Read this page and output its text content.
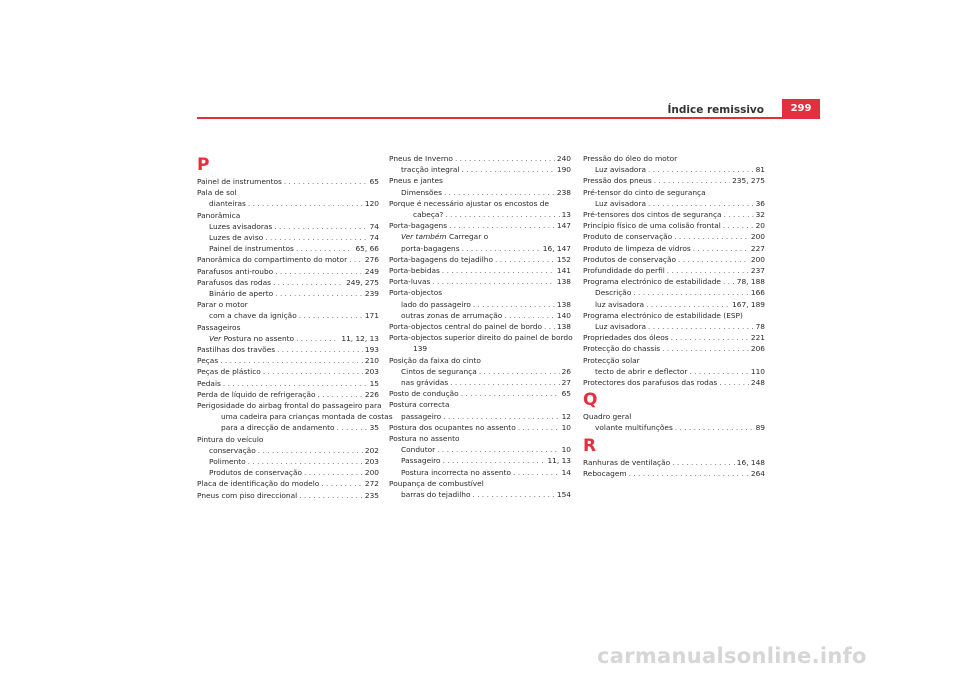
Índice remissivo	299
P
Painel de instrumentos . . .	65
Pala de sol
dianteiras . . .	120
Panorâmica
Luzes avisadoras . . .	74
Luzes de aviso . . .	74
Painel de instrumentos . . .	65, 66
Panorâmica do compartimento do motor . . . 276
Parafusos anti-roubo . . .	249
Parafusos das rodas . . .	249, 275
Binário de aperto . . .	239
Parar o motor
com a chave da ignição . . .	171
Passageiros
Ver Postura no assento . . .	11, 12, 13
Pastilhas dos travões . . .	193
Peças . . .	210
Peças de plástico . . .	203
Pedais . . .	15
Perda de líquido de refrigeração . . .	226
Perigosidade do airbag frontal do passageiro para
uma cadeira para crianças montada de costas
para a direcção de andamento . . .	35
Pintura do veículo
conservação . . .	202
Polimento . . .	203
Produtos de conservação . . .	200
Placa de identificação do modelo . . .	272
Pneus com piso direccional . . .	235
Pneus de Inverno . . .	240
tracção integral . . .	190
Pneus e jantes
Dimensões . . .	238
Porque é necessário ajustar os encostos de
cabeça? . . .	13
Porta-bagagens . . .	147
Ver também Carregar o
porta-bagagens . . .	16, 147
Porta-bagagens do tejadilho . . .	152
Porta-bebidas . . .	141
Porta-luvas . . .	138
Porta-objectos
lado do passageiro . . .	138
outras zonas de arrumação . . .	140
Porta-objectos central do painel de bordo . . . 138
Porta-objectos superior direito do painel de bordo
139
Posição da faixa do cinto
Cintos de segurança . . .	26
nas grávidas . . .	27
Posto de condução . . .	65
Postura correcta
passageiro . . .	12
Postura dos ocupantes no assento . . .	10
Postura no assento
Condutor . . .	10
Passageiro . . .	11, 13
Postura incorrecta no assento . . .	14
Poupança de combustível
barras do tejadilho . . .	154
Pressão do óleo do motor
Luz avisadora . . .	81
Pressão dos pneus . . .	235, 275
Pré-tensor do cinto de segurança
Luz avisadora . . .	36
Pré-tensores dos cintos de segurança . . .	32
Princípio físico de uma colisão frontal . . .	20
Produto de conservação . . .	200
Produto de limpeza de vidros . . .	227
Produtos de conservação . . .	200
Profundidade do perfil . . .	237
Programa electrónico de estabilidade . . . 78, 188
Descrição . . .	166
luz avisadora . . .	167, 189
Programa electrónico de estabilidade (ESP)
Luz avisadora . . .	78
Propriedades dos óleos . . .	221
Protecção do chassis . . .	206
Protecção solar
tecto de abrir e deflector . . .	110
Protectores dos parafusos das rodas . . .	248
Q
Quadro geral
volante multifunções . . .	89
R
Ranhuras de ventilação . . .	16, 148
Rebocagem . . .	264
carmanualsonline.info
